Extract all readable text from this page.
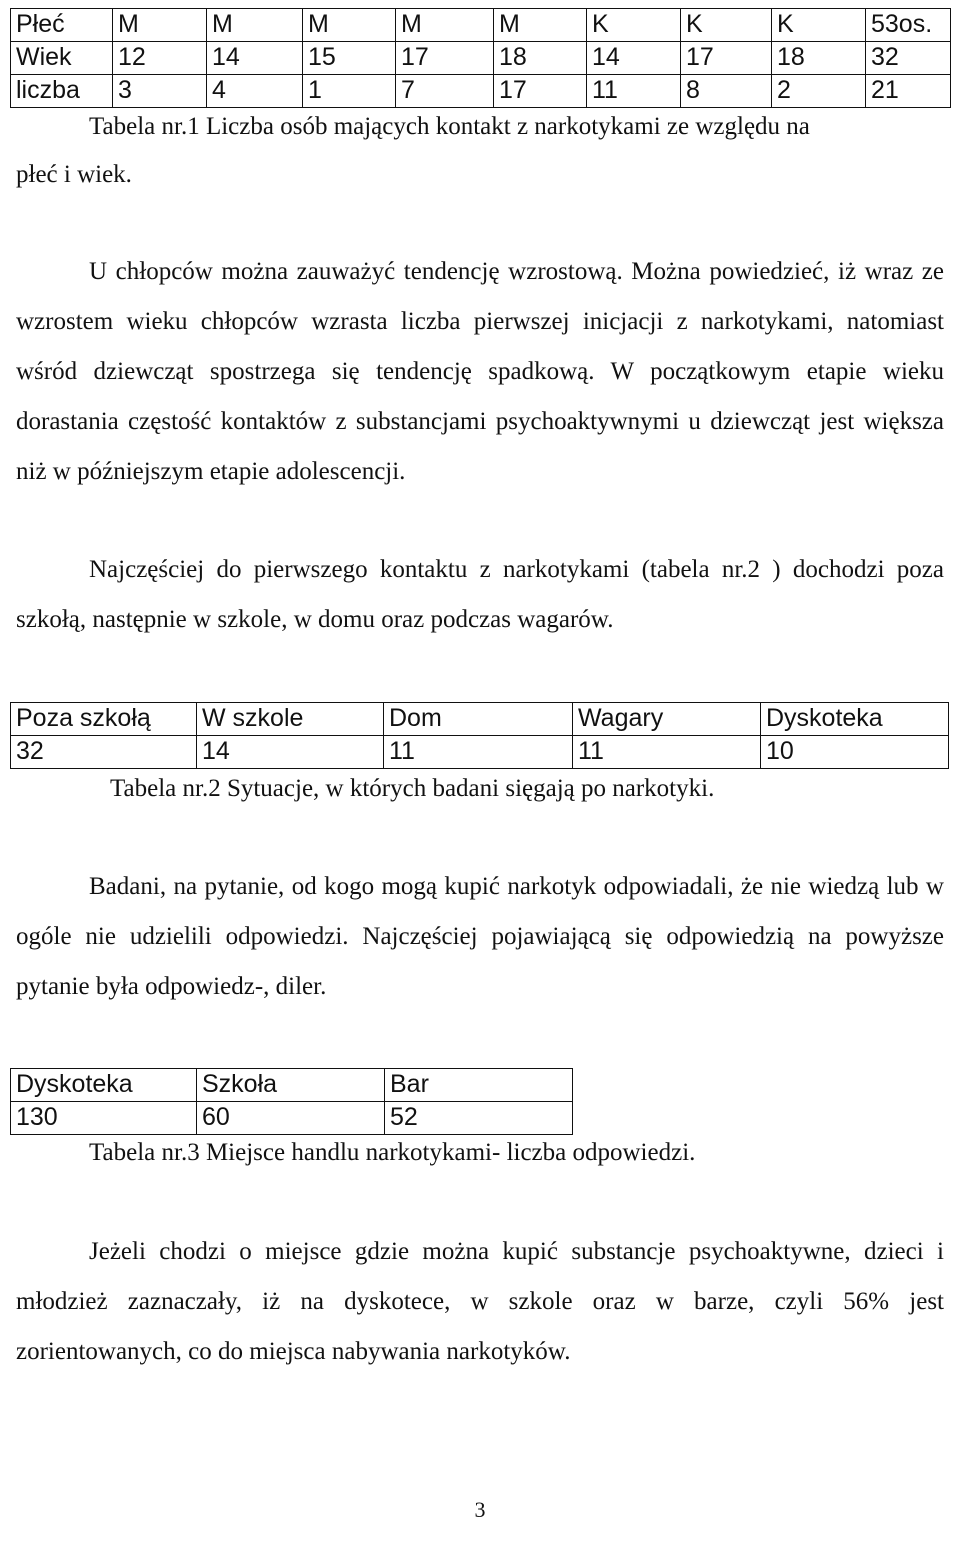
Płeć	M	M	M	M	M	K	K	K	53os.
Wiek	12	14	15	17	18	14	17	18	32
liczba	3	4	1	7	17	11	8	2	21
Tabela nr.1 Liczba osób mających kontakt z narkotykami ze względu na
płeć i wiek.

U chłopców można zauważyć tendencję wzrostową. Można powiedzieć, iż wraz ze wzrostem wieku chłopców wzrasta liczba pierwszej inicjacji z narkotykami, natomiast wśród dziewcząt spostrzega się tendencję spadkową. W początkowym etapie wieku dorastania częstość kontaktów z substancjami psychoaktywnymi u dziewcząt jest większa niż w późniejszym etapie adolescencji.

Najczęściej do pierwszego kontaktu z narkotykami (tabela nr.2 ) dochodzi poza szkołą, następnie w szkole, w domu oraz podczas wagarów.

Poza szkołą	W szkole	Dom	Wagary	Dyskoteka
32	14	11	11	10
Tabela nr.2 Sytuacje, w których badani sięgają po narkotyki.

Badani, na pytanie, od kogo mogą kupić narkotyk odpowiadali, że nie wiedzą lub w ogóle nie udzielili odpowiedzi. Najczęściej pojawiającą się odpowiedzią na powyższe pytanie była odpowiedz-, diler.

Dyskoteka	Szkoła	Bar
130	60	52
Tabela nr.3 Miejsce handlu narkotykami- liczba odpowiedzi.

Jeżeli chodzi o miejsce gdzie można kupić substancje psychoaktywne, dzieci i młodzież zaznaczały, iż na dyskotece, w szkole oraz w barze, czyli 56% jest zorientowanych, co do miejsca nabywania narkotyków.

3
